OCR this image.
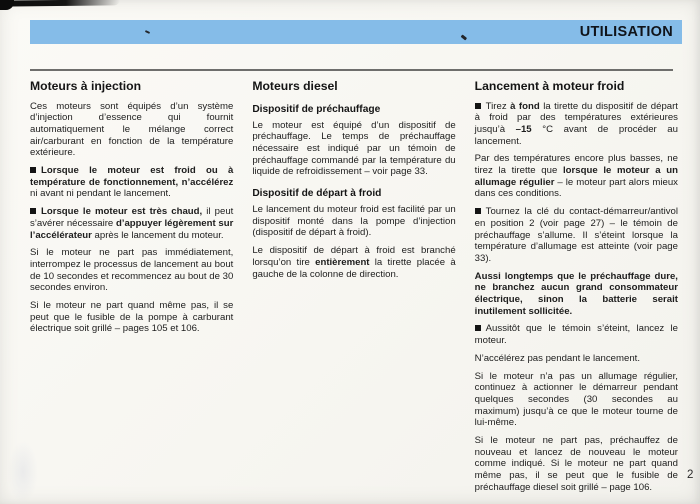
UTILISATION
Moteurs à injection

Ces moteurs sont équipés d’un système d’injection d’essence qui fournit automatiquement le mélange correct air/carburant en fonction de la température extérieure.

Lorsque le moteur est froid ou à température de fonctionnement, n’accélérez ni avant ni pendant le lancement.

Lorsque le moteur est très chaud, il peut s’avérer nécessaire d’appuyer légèrement sur l’accélérateur après le lancement du moteur.

Si le moteur ne part pas immédiatement, interrompez le processus de lancement au bout de 10 secondes et recommencez au bout de 30 secondes environ.

Si le moteur ne part quand même pas, il se peut que le fusible de la pompe à carburant électrique soit grillé – pages 105 et 106.

Moteurs diesel
Dispositif de préchauffage

Le moteur est équipé d’un dispositif de préchauffage. Le temps de préchauffage nécessaire est indiqué par un témoin de préchauffage commandé par la température du liquide de refroidissement – voir page 33.

Dispositif de départ à froid

Le lancement du moteur froid est facilité par un dispositif monté dans la pompe d’injection (dispositif de départ à froid).

Le dispositif de départ à froid est branché lorsqu’on tire entièrement la tirette placée à gauche de la colonne de direction.

Lancement à moteur froid

Tirez à fond la tirette du dispositif de départ à froid par des températures extérieures jusqu’à –15 °C avant de procéder au lancement.

Par des températures encore plus basses, ne tirez la tirette que lorsque le moteur a un allumage régulier – le moteur part alors mieux dans ces conditions.

Tournez la clé du contact-démarreur/antivol en position 2 (voir page 27) – le témoin de préchauffage s’allume. Il s’éteint lorsque la température d’allumage est atteinte (voir page 33).

Aussi longtemps que le préchauffage dure, ne branchez aucun grand consommateur électrique, sinon la batterie serait inutilement sollicitée.

Aussitôt que le témoin s’éteint, lancez le moteur.

N’accélérez pas pendant le lancement.

Si le moteur n’a pas un allumage régulier, continuez à actionner le démarreur pendant quelques secondes (30 secondes au maximum) jusqu’à ce que le moteur tourne de lui-même.

Si le moteur ne part pas, préchauffez de nouveau et lancez de nouveau le moteur comme indiqué. Si le moteur ne part quand même pas, il se peut que le fusible de préchauffage diesel soit grillé – page 106.

2
